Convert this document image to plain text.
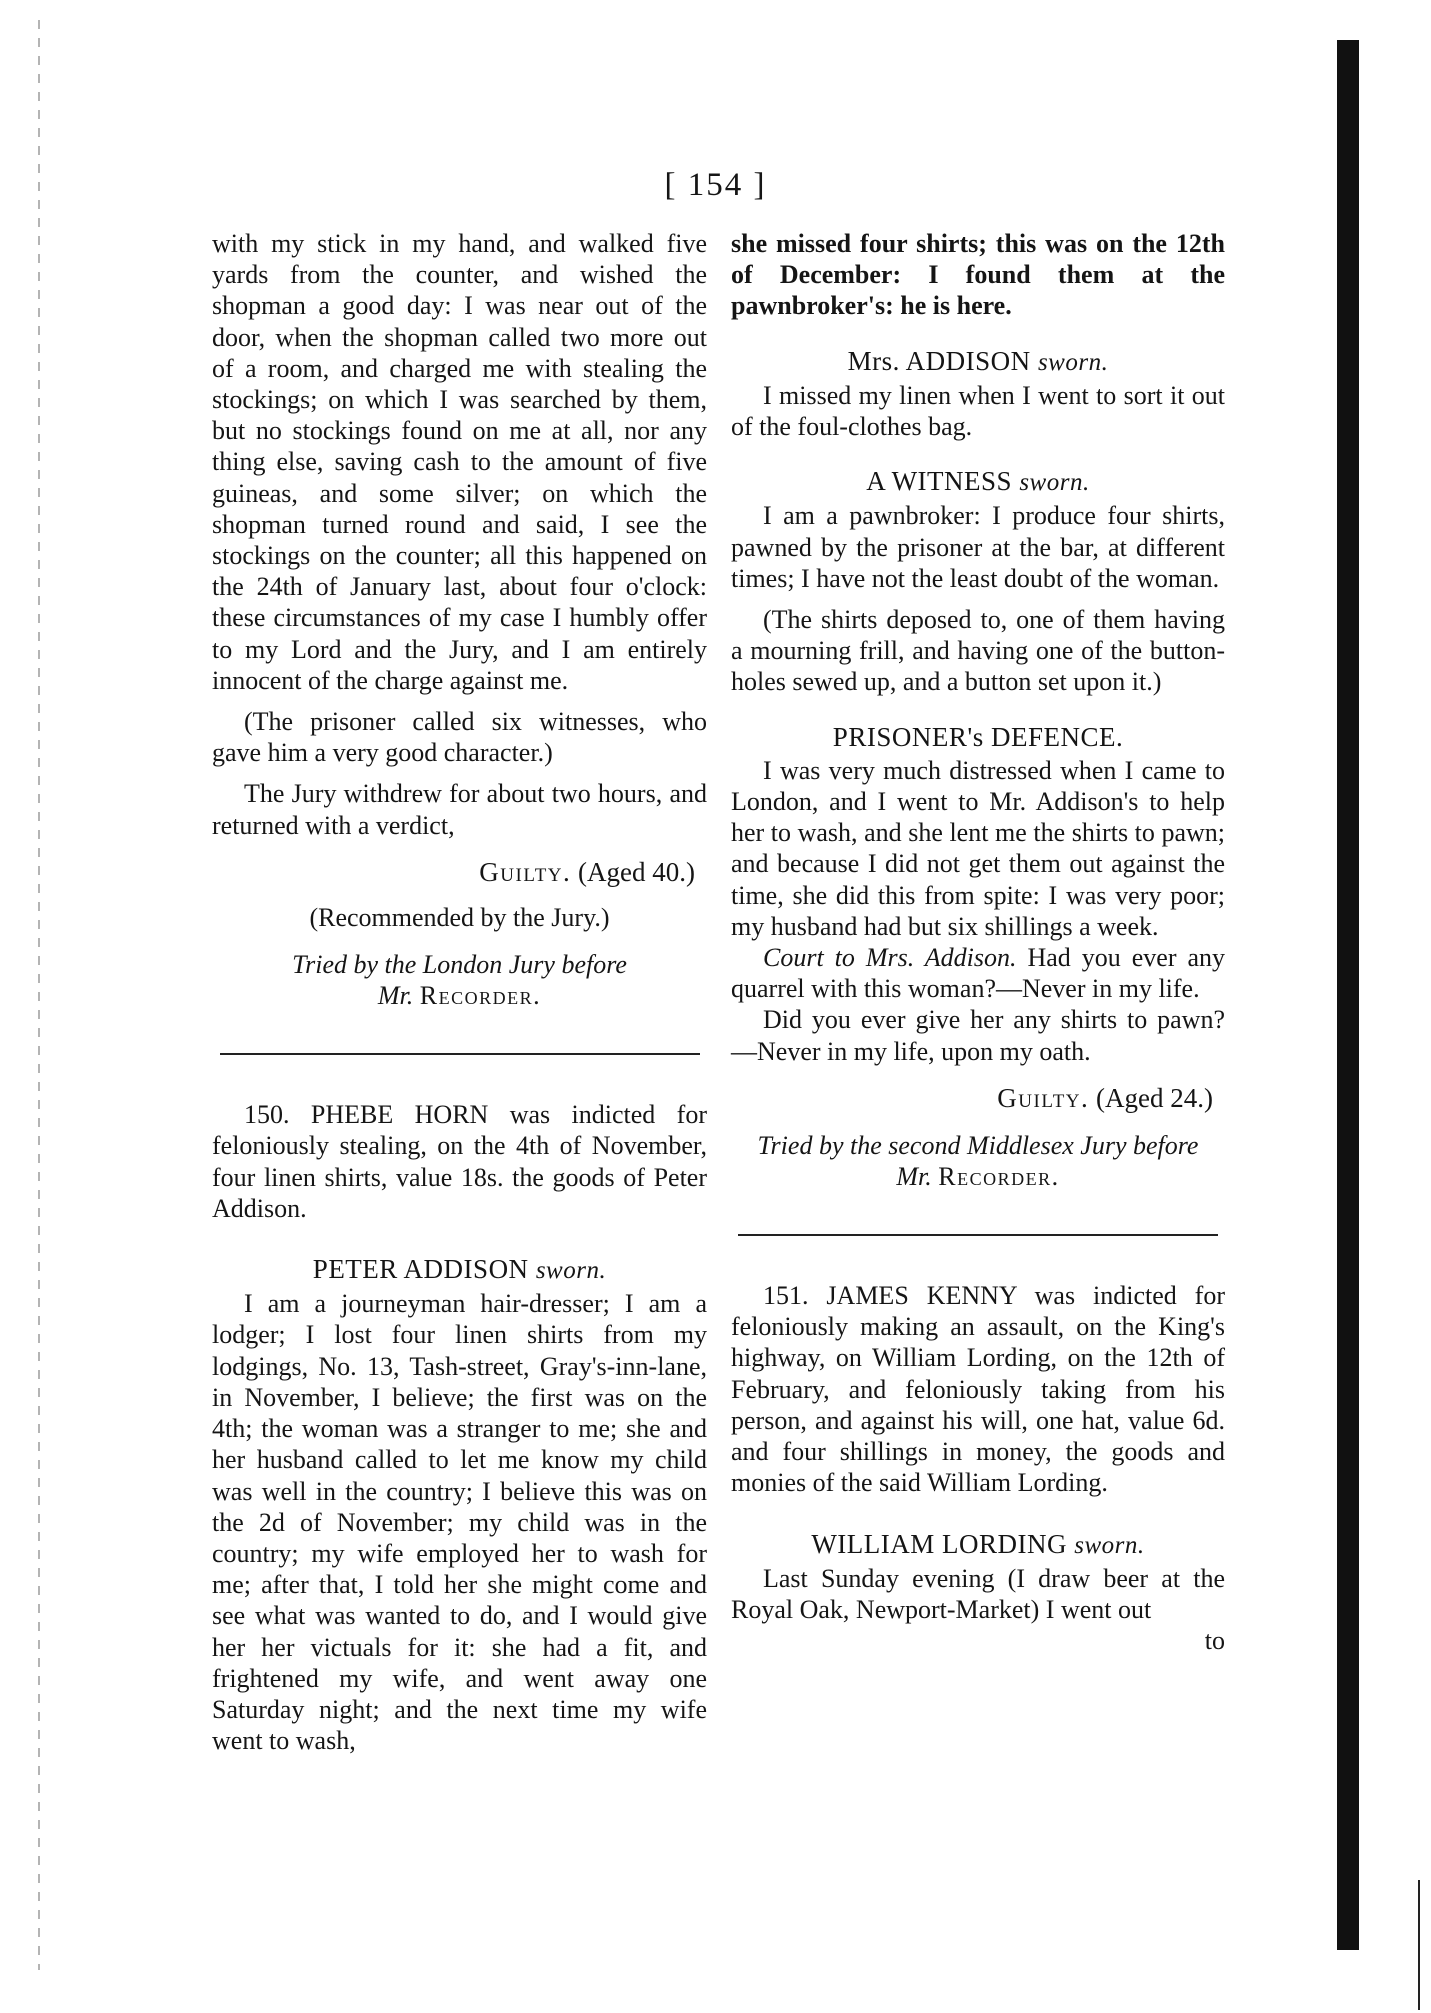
[ 154 ]

with my stick in my hand, and walked five yards from the counter, and wished the shopman a good day: I was near out of the door, when the shopman called two more out of a room, and charged me with stealing the stockings; on which I was searched by them, but no stockings found on me at all, nor any thing else, saving cash to the amount of five guineas, and some silver; on which the shopman turned round and said, I see the stockings on the counter; all this happened on the 24th of January last, about four o'clock: these circumstances of my case I humbly offer to my Lord and the Jury, and I am entirely innocent of the charge against me.

(The prisoner called six witnesses, who gave him a very good character.)

The Jury withdrew for about two hours, and returned with a verdict,

Guilty. (Aged 40.)
(Recommended by the Jury.)
Tried by the London Jury before
Mr. Recorder.

150. PHEBE HORN was indicted for feloniously stealing, on the 4th of November, four linen shirts, value 18s. the goods of Peter Addison.

PETER ADDISON sworn.

I am a journeyman hair-dresser; I am a lodger; I lost four linen shirts from my lodgings, No. 13, Tash-street, Gray's-inn-lane, in November, I believe; the first was on the 4th; the woman was a stranger to me; she and her husband called to let me know my child was well in the country; I believe this was on the 2d of November; my child was in the country; my wife employed her to wash for me; after that, I told her she might come and see what was wanted to do, and I would give her her victuals for it: she had a fit, and frightened my wife, and went away one Saturday night; and the next time my wife went to wash,

she missed four shirts; this was on the 12th of December: I found them at the pawnbroker's: he is here.

Mrs. ADDISON sworn.

I missed my linen when I went to sort it out of the foul-clothes bag.

A WITNESS sworn.

I am a pawnbroker: I produce four shirts, pawned by the prisoner at the bar, at different times; I have not the least doubt of the woman.

(The shirts deposed to, one of them having a mourning frill, and having one of the button-holes sewed up, and a button set upon it.)

PRISONER's DEFENCE.

I was very much distressed when I came to London, and I went to Mr. Addison's to help her to wash, and she lent me the shirts to pawn; and because I did not get them out against the time, she did this from spite: I was very poor; my husband had but six shillings a week.

Court to Mrs. Addison. Had you ever any quarrel with this woman?—Never in my life.

Did you ever give her any shirts to pawn? —Never in my life, upon my oath.

Guilty. (Aged 24.)
Tried by the second Middlesex Jury before
Mr. Recorder.

151. JAMES KENNY was indicted for feloniously making an assault, on the King's highway, on William Lording, on the 12th of February, and feloniously taking from his person, and against his will, one hat, value 6d. and four shillings in money, the goods and monies of the said William Lording.

WILLIAM LORDING sworn.

Last Sunday evening (I draw beer at the Royal Oak, Newport-Market) I went out

to
